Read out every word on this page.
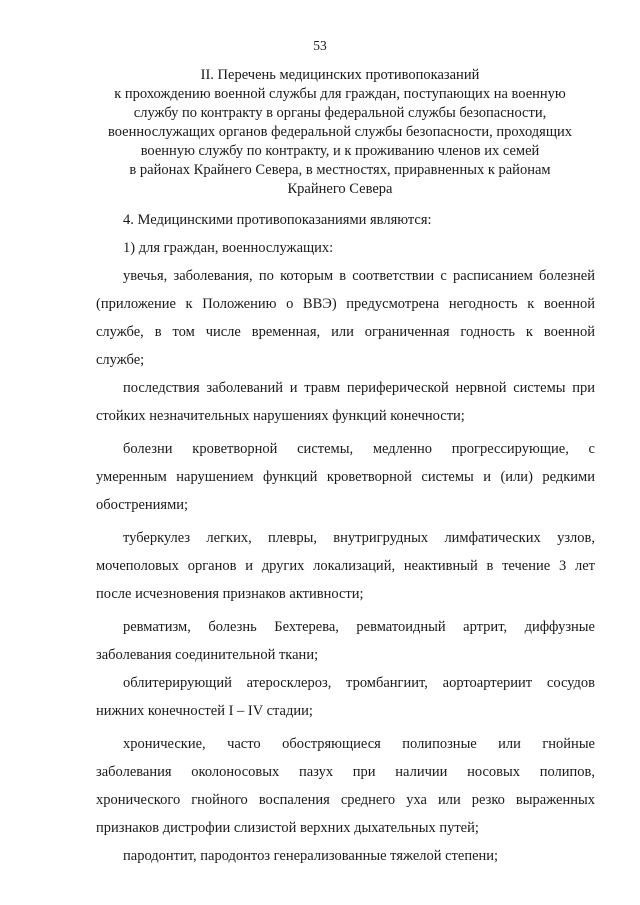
53
II. Перечень медицинских противопоказаний
к прохождению военной службы для граждан, поступающих на военную
службу по контракту в органы федеральной службы безопасности,
военнослужащих органов федеральной службы безопасности, проходящих
военную службу по контракту, и к проживанию членов их семей
в районах Крайнего Севера, в местностях, приравненных к районам
Крайнего Севера
4. Медицинскими противопоказаниями являются:
1) для граждан, военнослужащих:
увечья, заболевания, по которым в соответствии с расписанием болезней
(приложение к Положению о ВВЭ) предусмотрена негодность к военной
службе, в том числе временная, или ограниченная годность к военной
службе;
последствия заболеваний и травм периферической нервной системы при
стойких незначительных нарушениях функций конечности;
болезни кроветворной системы, медленно прогрессирующие, с
умеренным нарушением функций кроветворной системы и (или) редкими
обострениями;
туберкулез легких, плевры, внутригрудных лимфатических узлов,
мочеполовых органов и других локализаций, неактивный в течение 3 лет
после исчезновения признаков активности;
ревматизм, болезнь Бехтерева, ревматоидный артрит, диффузные
заболевания соединительной ткани;
облитерирующий атеросклероз, тромбангиит, аортоартериит сосудов
нижних конечностей I – IV стадии;
хронические, часто обостряющиеся полипозные или гнойные
заболевания околоносовых пазух при наличии носовых полипов,
хронического гнойного воспаления среднего уха или резко выраженных
признаков дистрофии слизистой верхних дыхательных путей;
пародонтит, пародонтоз генерализованные тяжелой степени;
